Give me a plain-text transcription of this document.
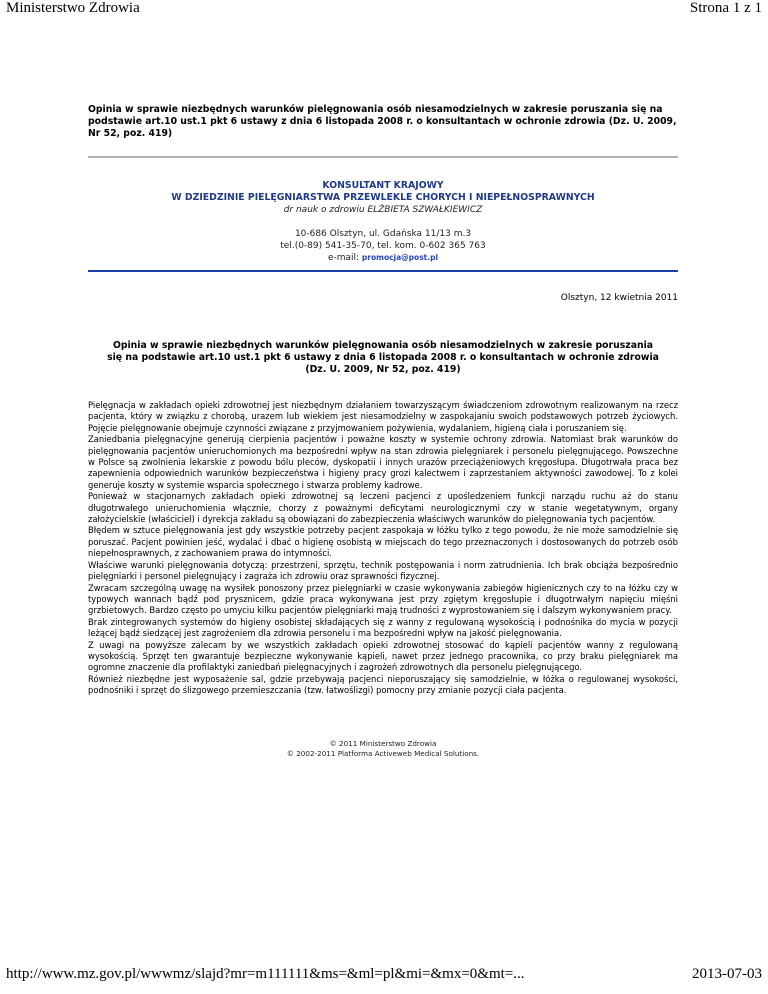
Ministerstwo Zdrowia	Strona 1 z 1
Opinia w sprawie niezbędnych warunków pielęgnowania osób niesamodzielnych w zakresie poruszania się na podstawie art.10 ust.1 pkt 6 ustawy z dnia 6 listopada 2008 r. o konsultantach w ochronie zdrowia (Dz. U. 2009, Nr 52, poz. 419)
KONSULTANT KRAJOWY
W DZIEDZINIE PIELĘGNIARSTWA PRZEWLEKLE CHORYCH I NIEPEŁNOSPRAWNYCH
dr nauk o zdrowiu ELŻBIETA SZWAŁKIEWICZ
10-686 Olsztyn, ul. Gdańska 11/13 m.3
tel.(0-89) 541-35-70, tel. kom. 0-602 365 763
e-mail: promocja@post.pl
Olsztyn, 12 kwietnia 2011
Opinia w sprawie niezbędnych warunków pielęgnowania osób niesamodzielnych w zakresie poruszania
się na podstawie art.10 ust.1 pkt 6 ustawy z dnia 6 listopada 2008 r. o konsultantach w ochronie zdrowia
(Dz. U. 2009, Nr 52, poz. 419)

Pielęgnacja w zakładach opieki zdrowotnej jest niezbędnym działaniem towarzyszącym świadczeniom zdrowotnym realizowanym na rzecz pacjenta, który w związku z chorobą, urazem lub wiekiem jest niesamodzielny w zaspokajaniu swoich podstawowych potrzeb życiowych. Pojęcie pielęgnowanie obejmuje czynności związane z przyjmowaniem pożywienia, wydalaniem, higieną ciała i poruszaniem się.

Zaniedbania pielęgnacyjne generują cierpienia pacjentów i poważne koszty w systemie ochrony zdrowia. Natomiast brak warunków do pielęgnowania pacjentów unieruchomionych ma bezpośredni wpływ na stan zdrowia pielęgniarek i personelu pielęgnującego. Powszechne w Polsce są zwolnienia lekarskie z powodu bólu pleców, dyskopatii i innych urazów przeciążeniowych kręgosłupa. Długotrwała praca bez zapewnienia odpowiednich warunków bezpieczeństwa i higieny pracy grozi kalectwem i zaprzestaniem aktywności zawodowej. To z kolei generuje koszty w systemie wsparcia społecznego i stwarza problemy kadrowe.

Ponieważ w stacjonarnych zakładach opieki zdrowotnej są leczeni pacjenci z upośledzeniem funkcji narządu ruchu aż do stanu długotrwałego unieruchomienia włącznie, chorzy z poważnymi deficytami neurologicznymi czy w stanie wegetatywnym, organy założycielskie (właściciel) i dyrekcja zakładu są obowiązani do zabezpieczenia właściwych warunków do pielęgnowania tych pacjentów.

Błędem w sztuce pielęgnowania jest gdy wszystkie potrzeby pacjent zaspokaja w łóżku tylko z tego powodu, że nie może samodzielnie się poruszać. Pacjent powinien jeść, wydalać i dbać o higienę osobistą w miejscach do tego przeznaczonych i dostosowanych do potrzeb osób niepełnosprawnych, z zachowaniem prawa do intymności.

Właściwe warunki pielęgnowania dotyczą: przestrzeni, sprzętu, technik postępowania i norm zatrudnienia. Ich brak obciąża bezpośrednio pielęgniarki i personel pielęgnujący i zagraża ich zdrowiu oraz sprawności fizycznej.

Zwracam szczególną uwagę na wysiłek ponoszony przez pielęgniarki w czasie wykonywania zabiegów higienicznych czy to na łóżku czy w typowych wannach bądź pod prysznicem, gdzie praca wykonywana jest przy zgiętym kręgosłupie i długotrwałym napięciu mięśni grzbietowych. Bardzo często po umyciu kilku pacjentów pielęgniarki mają trudności z wyprostowaniem się i dalszym wykonywaniem pracy.

Brak zintegrowanych systemów do higieny osobistej składających się z wanny z regulowaną wysokością i podnośnika do mycia w pozycji leżącej bądź siedzącej jest zagrożeniem dla zdrowia personelu i ma bezpośredni wpływ na jakość pielęgnowania.

Z uwagi na powyższe zalecam by we wszystkich zakładach opieki zdrowotnej stosować do kąpieli pacjentów wanny z regulowaną wysokością. Sprzęt ten gwarantuje bezpieczne wykonywanie kąpieli, nawet przez jednego pracownika, co przy braku pielęgniarek ma ogromne znaczenie dla profilaktyki zaniedbań pielęgnacyjnych i zagrożeń zdrowotnych dla personelu pielęgnującego.

Również niezbędne jest wyposażenie sal, gdzie przebywają pacjenci nieporuszający się samodzielnie, w łóżka o regulowanej wysokości, podnośniki i sprzęt do ślizgowego przemieszczania (tzw. łatwoślizgi) pomocny przy zmianie pozycji ciała pacjenta.

© 2011 Ministerstwo Zdrowia
© 2002-2011 Platforma Activeweb Medical Solutions.
http://www.mz.gov.pl/wwwmz/slajd?mr=m111111&ms=&ml=pl&mi=&mx=0&mt=...	2013-07-03
